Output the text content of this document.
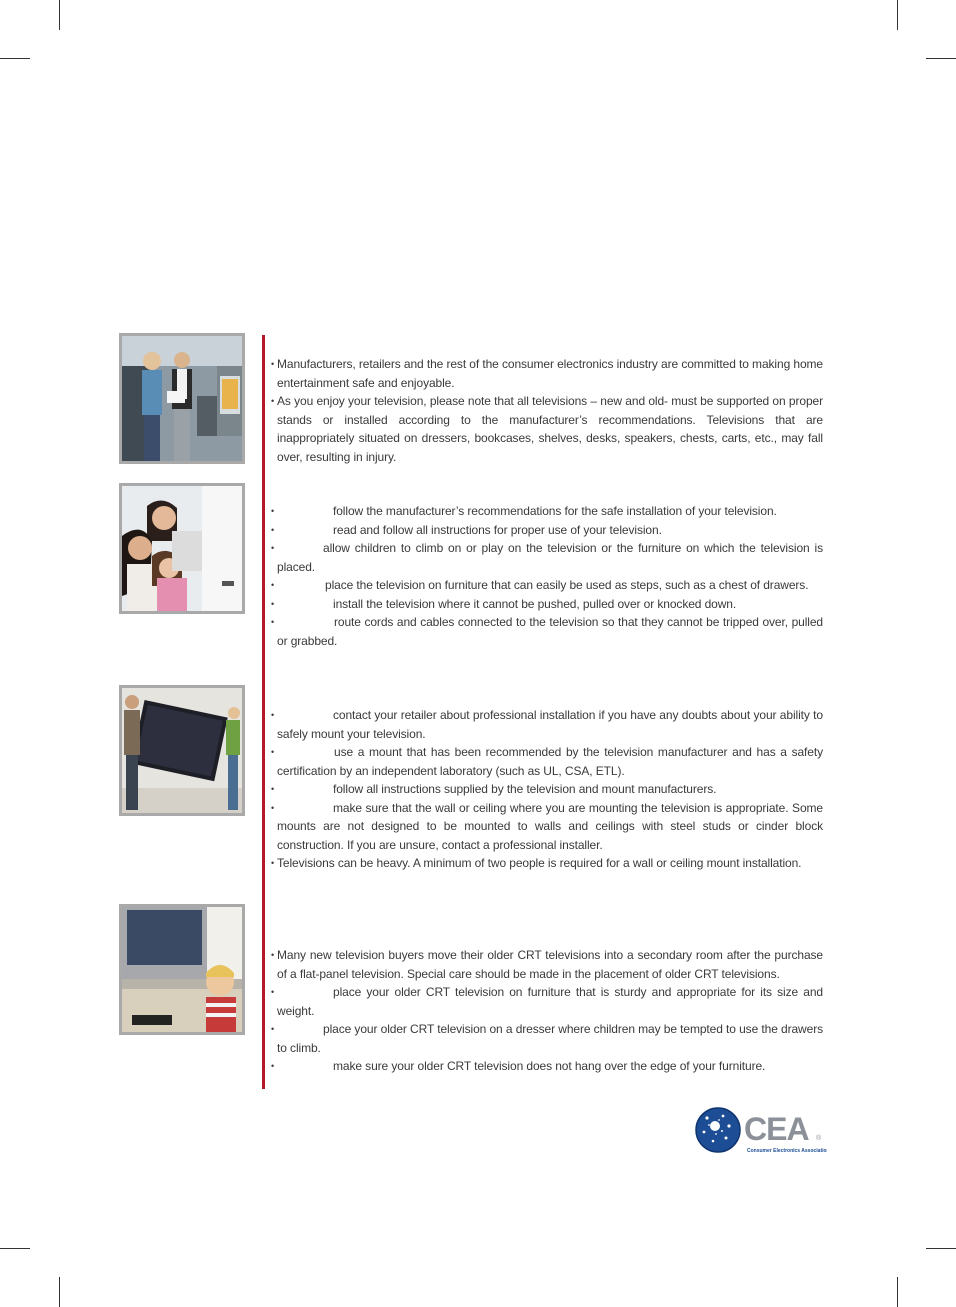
• Manufacturers, retailers and the rest of the consumer electronics industry are committed to making home entertainment safe and enjoyable.

• As you enjoy your television, please note that all televisions – new and old- must be supported on proper stands or installed according to the manufacturer’s recommendations. Televisions that are inappropriately situated on dressers, bookcases, shelves, desks, speakers, chests, carts, etc., may fall over, resulting in injury.

•	follow the manufacturer’s recommendations for the safe installation of your television.

•	read and follow all instructions for proper use of your television.

•	allow children to climb on or play on the television or the furniture on which the television is placed.

•	place the television on furniture that can easily be used as steps, such as a chest of drawers.

•	install the television where it cannot be pushed, pulled over or knocked down.

•	route cords and cables connected to the television so that they cannot be tripped over, pulled or grabbed.

•	contact your retailer about professional installation if you have any doubts about your ability to safely mount your television.

•	use a mount that has been recommended by the television manufacturer and has a safety certification by an independent laboratory (such as UL, CSA, ETL).

•	follow all instructions supplied by the television and mount manufacturers.

•	make sure that the wall or ceiling where you are mounting the television is appropriate. Some mounts are not designed to be mounted to walls and ceilings with steel studs or cinder block construction. If you are unsure, contact a professional installer.

• Televisions can be heavy. A minimum of two people is required for a wall or ceiling mount installation.

• Many new television buyers move their older CRT televisions into a secondary room after the purchase of a flat-panel television. Special care should be made in the placement of older CRT televisions.

•	place your older CRT television on furniture that is sturdy and appropriate for its size and weight.

•	place your older CRT television on a dresser where children may be tempted to use the drawers to climb.

•	make sure your older CRT television does not hang over the edge of your furniture.

CEA ®
Consumer Electronics Association
